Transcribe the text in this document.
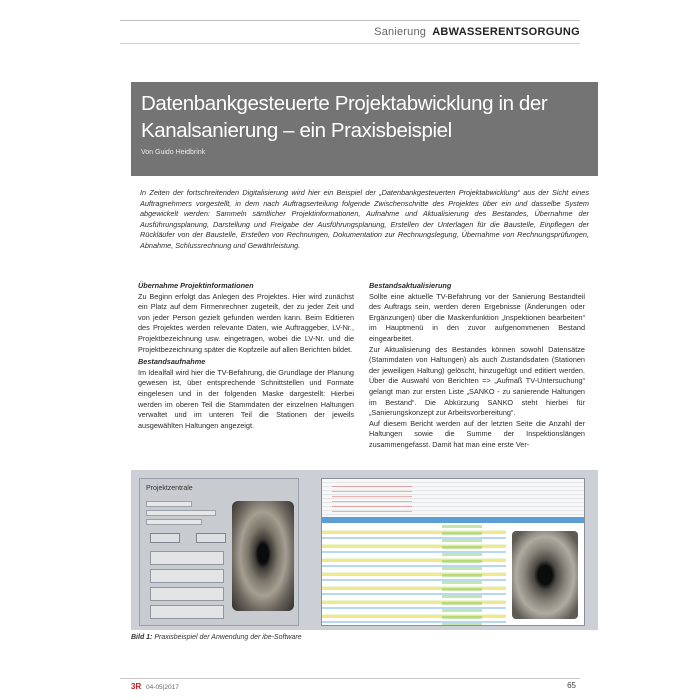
Sanierung ABWASSERENTSORGUNG
Datenbankgesteuerte Projektabwicklung in der Kanalsanierung – ein Praxisbeispiel
Von Guido Heidbrink
In Zeiten der fortschreitenden Digitalisierung wird hier ein Beispiel der „Datenbankgesteuerten Projektabwicklung“ aus der Sicht eines Auftragnehmers vorgestellt, in dem nach Auftragserteilung folgende Zwischenschritte des Projektes über ein und dasselbe System abgewickelt werden: Sammeln sämtlicher Projektinformationen, Aufnahme und Aktualisierung des Bestandes, Übernahme der Ausführungsplanung, Darstellung und Freigabe der Ausführungsplanung, Erstellen der Unterlagen für die Baustelle, Einpflegen der Rückläufer von der Baustelle, Erstellen von Rechnungen, Dokumentation zur Rechnungslegung, Übernahme von Rechnungsprüfungen, Abnahme, Schlussrechnung und Gewährleistung.
Übernahme Projektinformationen

Zu Beginn erfolgt das Anlegen des Projektes. Hier wird zunächst ein Platz auf dem Firmenrechner zugeteilt, der zu jeder Zeit und von jeder Person gezielt gefunden werden kann. Beim Editieren des Projektes werden relevante Daten, wie Auftraggeber, LV-Nr., Projektbezeichnung usw. eingetragen, wobei die LV-Nr. und die Projektbezeichnung später die Kopfzeile auf allen Berichten bildet.

Bestandsaufnahme

Im Idealfall wird hier die TV-Befahrung, die Grundlage der Planung gewesen ist, über entsprechende Schnittstellen und Formate eingelesen und in der folgenden Maske dargestellt: Hierbei werden im oberen Teil die Stammdaten der einzelnen Haltungen verwaltet und im unteren Teil die Stationen der jeweils ausgewählten Haltungen angezeigt.

Bestandsaktualisierung

Sollte eine aktuelle TV-Befahrung vor der Sanierung Bestandteil des Auftrags sein, werden deren Ergebnisse (Änderungen oder Ergänzungen) über die Maskenfunktion „Inspektionen bearbeiten“ im Hauptmenü in den zuvor aufgenommenen Bestand eingearbeitet.

Zur Aktualisierung des Bestandes können sowohl Datensätze (Stammdaten von Haltungen) als auch Zustandsdaten (Stationen der jeweiligen Haltung) gelöscht, hinzugefügt und editiert werden. Über die Auswahl von Berichten => „Aufmaß TV-Untersuchung“ gelangt man zur ersten Liste „SANKO - zu sanierende Haltungen im Bestand“. Die Abkürzung SANKO steht hierbei für „Sanierungskonzept zur Arbeitsvorbereitung“.

Auf diesem Bericht werden auf der letzten Seite die Anzahl der Haltungen sowie die Summe der Inspektionslängen zusammengefasst. Damit hat man eine erste Ver-

Projektzentrale
Bild 1: Praxisbeispiel der Anwendung der ibe-Software
3R 04-05|2017	65
